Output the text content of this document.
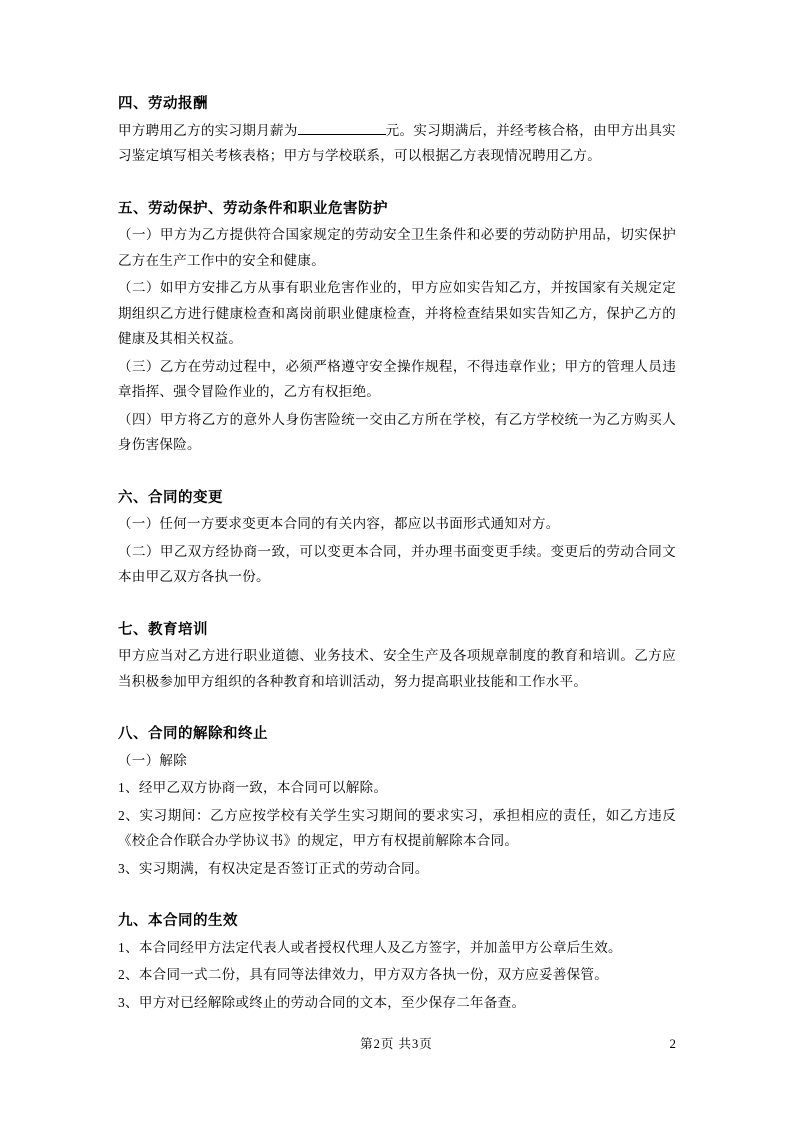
四、劳动报酬

甲方聘用乙方的实习期月薪为	元。实习期满后，并经考核合格，由甲方出具实习鉴定填写相关考核表格；甲方与学校联系，可以根据乙方表现情况聘用乙方。

五、劳动保护、劳动条件和职业危害防护

（一）甲方为乙方提供符合国家规定的劳动安全卫生条件和必要的劳动防护用品，切实保护乙方在生产工作中的安全和健康。

（二）如甲方安排乙方从事有职业危害作业的，甲方应如实告知乙方，并按国家有关规定定期组织乙方进行健康检查和离岗前职业健康检查，并将检查结果如实告知乙方，保护乙方的健康及其相关权益。

（三）乙方在劳动过程中，必须严格遵守安全操作规程，不得违章作业；甲方的管理人员违章指挥、强令冒险作业的，乙方有权拒绝。

（四）甲方将乙方的意外人身伤害险统一交由乙方所在学校，有乙方学校统一为乙方购买人身伤害保险。

六、合同的变更

（一）任何一方要求变更本合同的有关内容，都应以书面形式通知对方。

（二）甲乙双方经协商一致，可以变更本合同，并办理书面变更手续。变更后的劳动合同文本由甲乙双方各执一份。

七、教育培训

甲方应当对乙方进行职业道德、业务技术、安全生产及各项规章制度的教育和培训。乙方应当积极参加甲方组织的各种教育和培训活动，努力提高职业技能和工作水平。

八、合同的解除和终止

（一）解除

1、经甲乙双方协商一致，本合同可以解除。

2、实习期间：乙方应按学校有关学生实习期间的要求实习，承担相应的责任，如乙方违反《校企合作联合办学协议书》的规定，甲方有权提前解除本合同。

3、实习期满，有权决定是否签订正式的劳动合同。

九、本合同的生效

1、本合同经甲方法定代表人或者授权代理人及乙方签字，并加盖甲方公章后生效。

2、本合同一式二份，具有同等法律效力，甲方双方各执一份，双方应妥善保管。

3、甲方对已经解除或终止的劳动合同的文本，至少保存二年备查。

第2页 共3页	2
